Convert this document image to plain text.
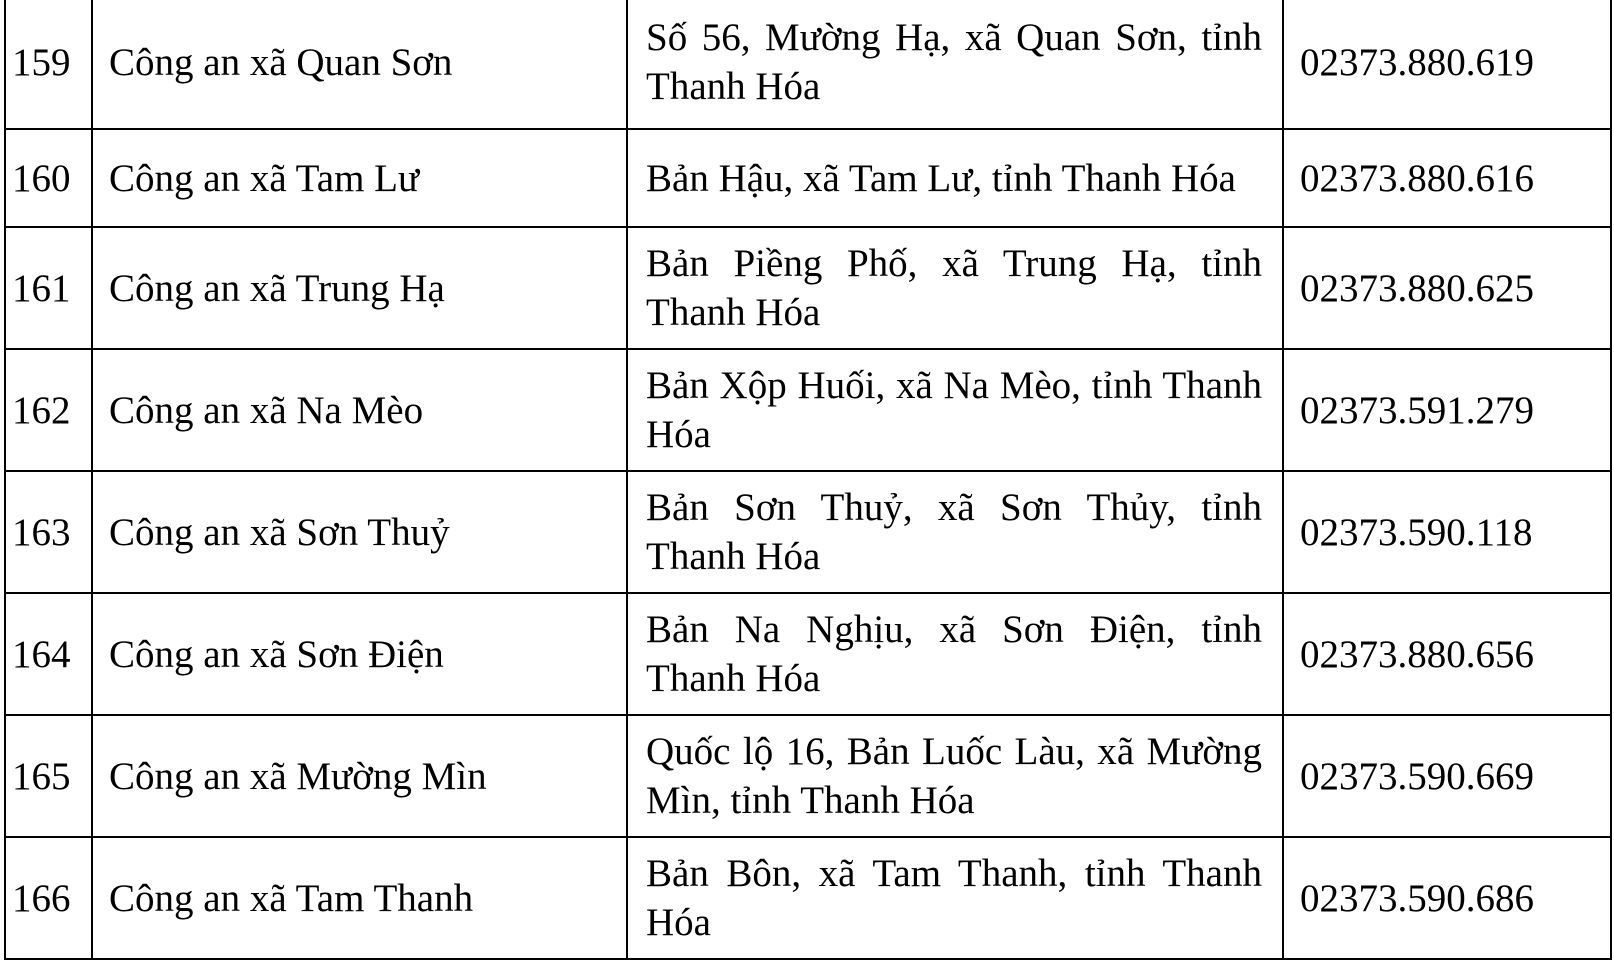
159	Công an xã Quan Sơn	Số 56, Mường Hạ, xã Quan Sơn, tỉnh Thanh Hóa	02373.880.619
160	Công an xã Tam Lư	Bản Hậu, xã Tam Lư, tỉnh Thanh Hóa	02373.880.616
161	Công an xã Trung Hạ	Bản Piềng Phố, xã Trung Hạ, tỉnh Thanh Hóa	02373.880.625
162	Công an xã Na Mèo	Bản Xộp Huối, xã Na Mèo, tỉnh Thanh Hóa	02373.591.279
163	Công an xã Sơn Thuỷ	Bản Sơn Thuỷ, xã Sơn Thủy, tỉnh Thanh Hóa	02373.590.118
164	Công an xã Sơn Điện	Bản Na Nghịu, xã Sơn Điện, tỉnh Thanh Hóa	02373.880.656
165	Công an xã Mường Mìn	Quốc lộ 16, Bản Luốc Làu, xã Mường Mìn, tỉnh Thanh Hóa	02373.590.669
166	Công an xã Tam Thanh	Bản Bôn, xã Tam Thanh, tỉnh Thanh Hóa	02373.590.686
